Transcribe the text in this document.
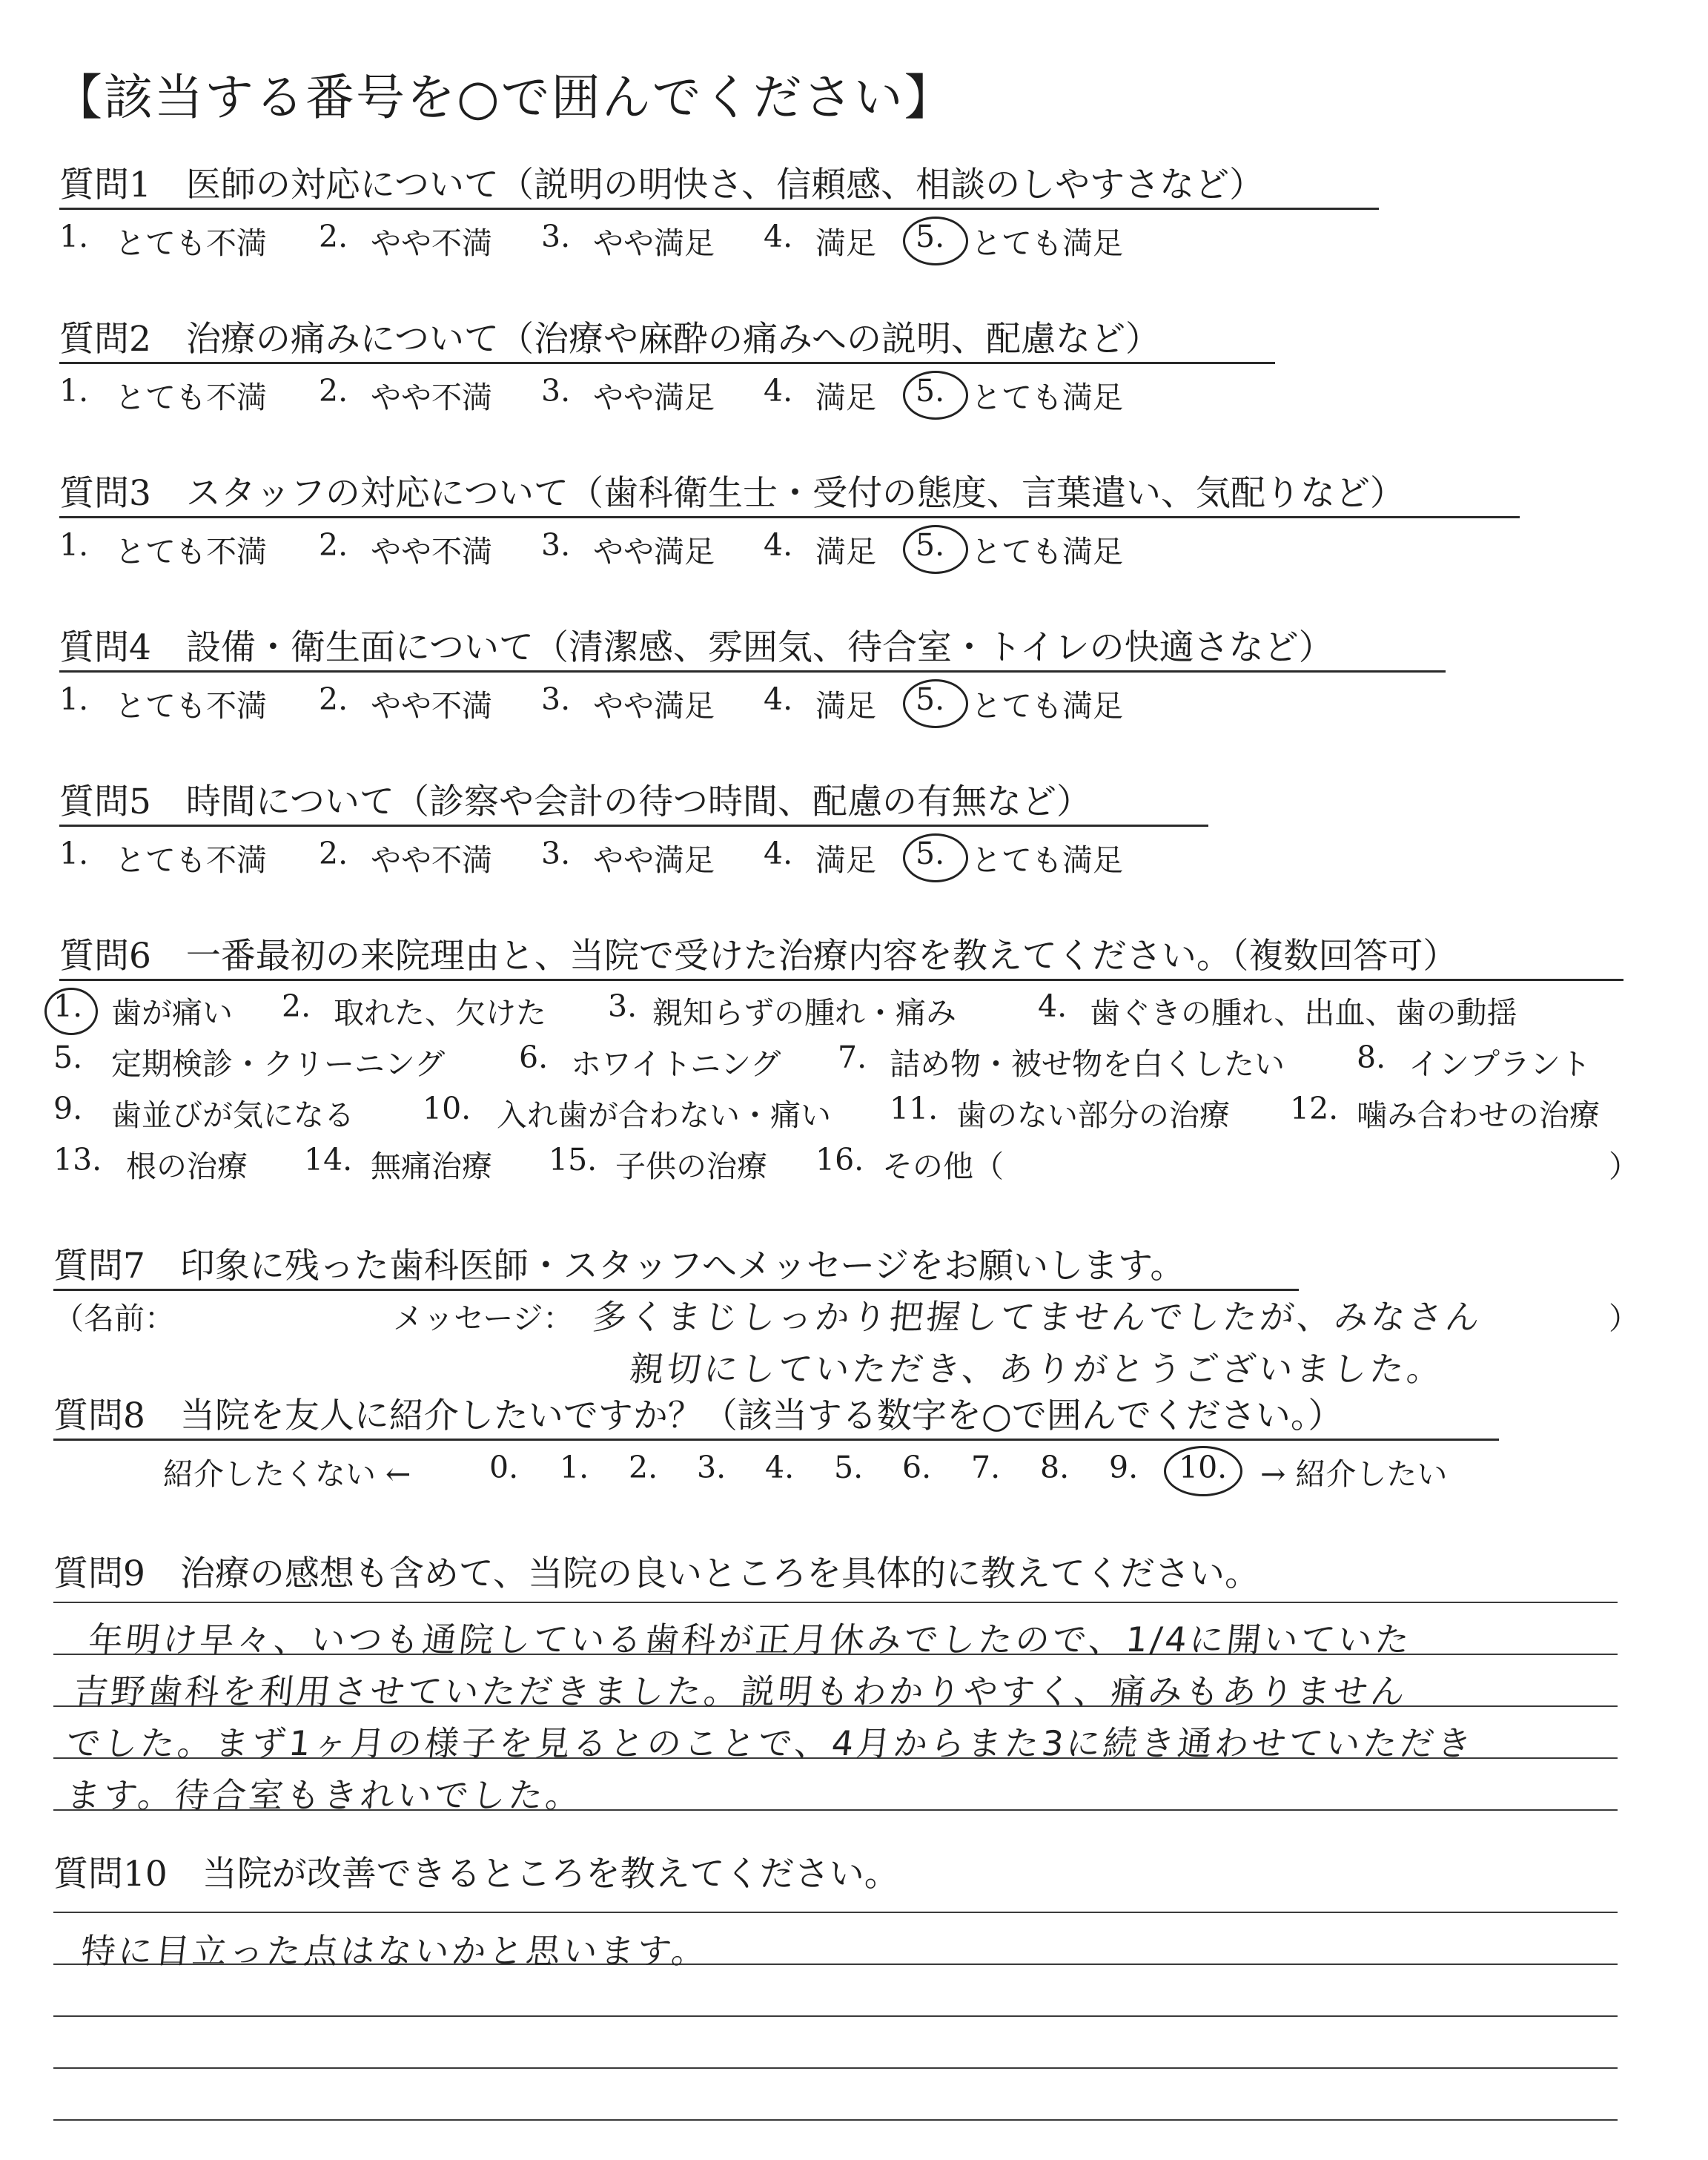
【該当する番号を○で囲んでください】
質問1　医師の対応について（説明の明快さ、信頼感、相談のしやすさなど）
1. とても不満 2. やや不満 3. やや満足 4. 満足 5. とても満足
質問2　治療の痛みについて（治療や麻酔の痛みへの説明、配慮など）
1. とても不満 2. やや不満 3. やや満足 4. 満足 5. とても満足
質問3　スタッフの対応について（歯科衛生士・受付の態度、言葉遣い、気配りなど）
1. とても不満 2. やや不満 3. やや満足 4. 満足 5. とても満足
質問4　設備・衛生面について（清潔感、雰囲気、待合室・トイレの快適さなど）
1. とても不満 2. やや不満 3. やや満足 4. 満足 5. とても満足
質問5　時間について（診察や会計の待つ時間、配慮の有無など）
1. とても不満 2. やや不満 3. やや満足 4. 満足 5. とても満足
質問6　一番最初の来院理由と、当院で受けた治療内容を教えてください。（複数回答可）
1. 歯が痛い 2. 取れた、欠けた 3. 親知らずの腫れ・痛み	4. 歯ぐきの腫れ、出血、歯の動揺
5. 定期検診・クリーニング 6. ホワイトニング 7. 詰め物・被せ物を白くしたい 8. インプラント
9. 歯並びが気になる 10. 入れ歯が合わない・痛い 11. 歯のない部分の治療 12. 噛み合わせの治療
13. 根の治療 14. 無痛治療 15. 子供の治療 16. その他（	）
質問7　印象に残った歯科医師・スタッフへメッセージをお願いします。
（名前：	メッセージ： 多くまじしっかり把握してませんでしたが、みなさん
親切にしていただき、ありがとうございました。
）
質問8　当院を友人に紹介したいですか？（該当する数字を○で囲んでください。）
紹介したくない ←	0. 1. 2. 3. 4. 5. 6. 7. 8. 9. 10. → 紹介したい
質問9　治療の感想も含めて、当院の良いところを具体的に教えてください。
年明け早々、いつも通院している歯科が正月休みでしたので、1/4に開いていた
吉野歯科を利用させていただきました。説明もわかりやすく、痛みもありません
でした。まず1ヶ月の様子を見るとのことで、4月からまた3に続き通わせていただき
ます。待合室もきれいでした。
質問10　当院が改善できるところを教えてください。
特に目立った点はないかと思います。
